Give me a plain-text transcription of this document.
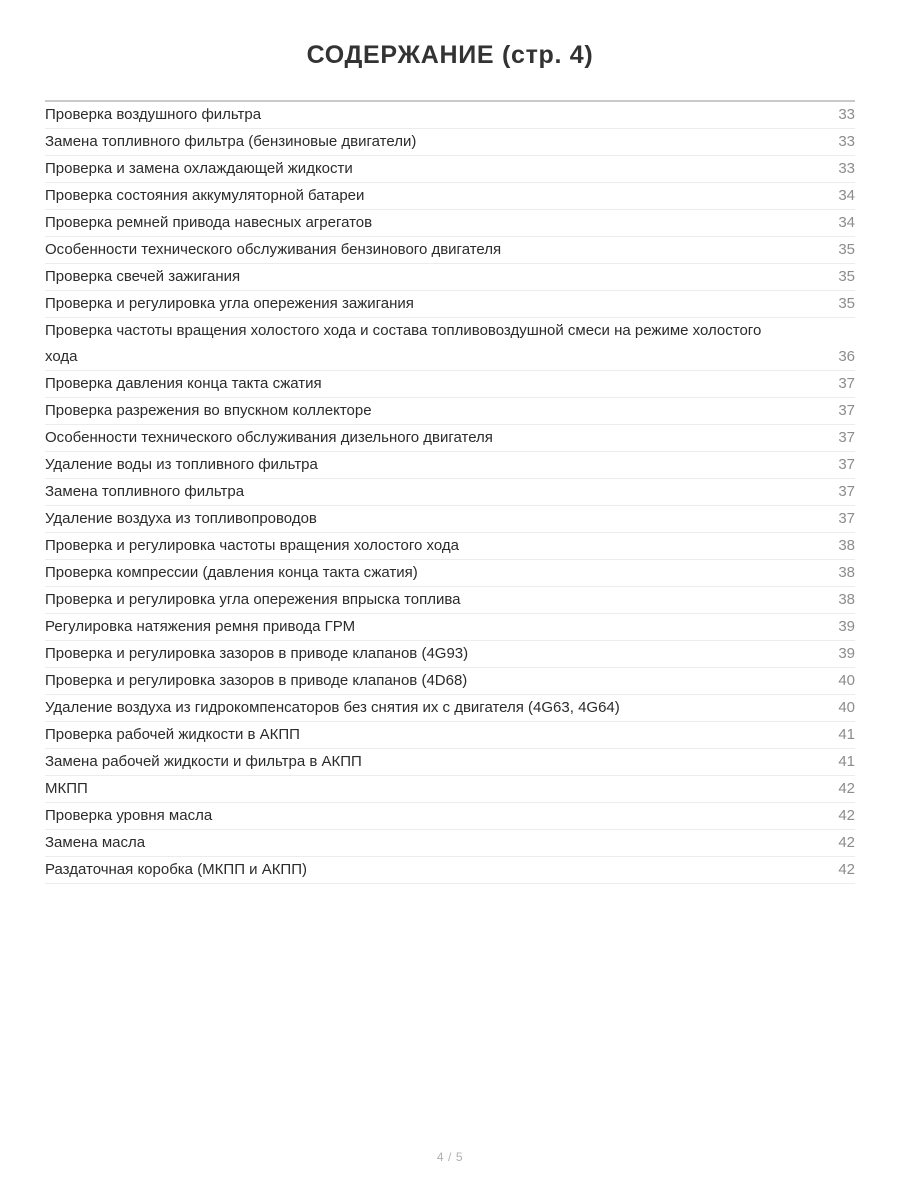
СОДЕРЖАНИЕ (стр. 4)
Проверка воздушного фильтра	33
Замена топливного фильтра (бензиновые двигатели)	33
Проверка и замена охлаждающей жидкости	33
Проверка состояния аккумуляторной батареи	34
Проверка ремней привода навесных агрегатов	34
Особенности технического обслуживания бензинового двигателя	35
Проверка свечей зажигания	35
Проверка и регулировка угла опережения зажигания	35
Проверка частоты вращения холостого хода и состава топливовоздушной смеси на режиме холостого хода	36
Проверка давления конца такта сжатия	37
Проверка разрежения во впускном коллекторе	37
Особенности технического обслуживания дизельного двигателя	37
Удаление воды из топливного фильтра	37
Замена топливного фильтра	37
Удаление воздуха из топливопроводов	37
Проверка и регулировка частоты вращения холостого хода	38
Проверка компрессии (давления конца такта сжатия)	38
Проверка и регулировка угла опережения впрыска топлива	38
Регулировка натяжения ремня привода ГРМ	39
Проверка и регулировка зазоров в приводе клапанов (4G93)	39
Проверка и регулировка зазоров в приводе клапанов (4D68)	40
Удаление воздуха из гидрокомпенсаторов без снятия их с двигателя (4G63, 4G64)	40
Проверка рабочей жидкости в АКПП	41
Замена рабочей жидкости и фильтра в АКПП	41
МКПП	42
Проверка уровня масла	42
Замена масла	42
Раздаточная коробка (МКПП и АКПП)	42
4 / 5
